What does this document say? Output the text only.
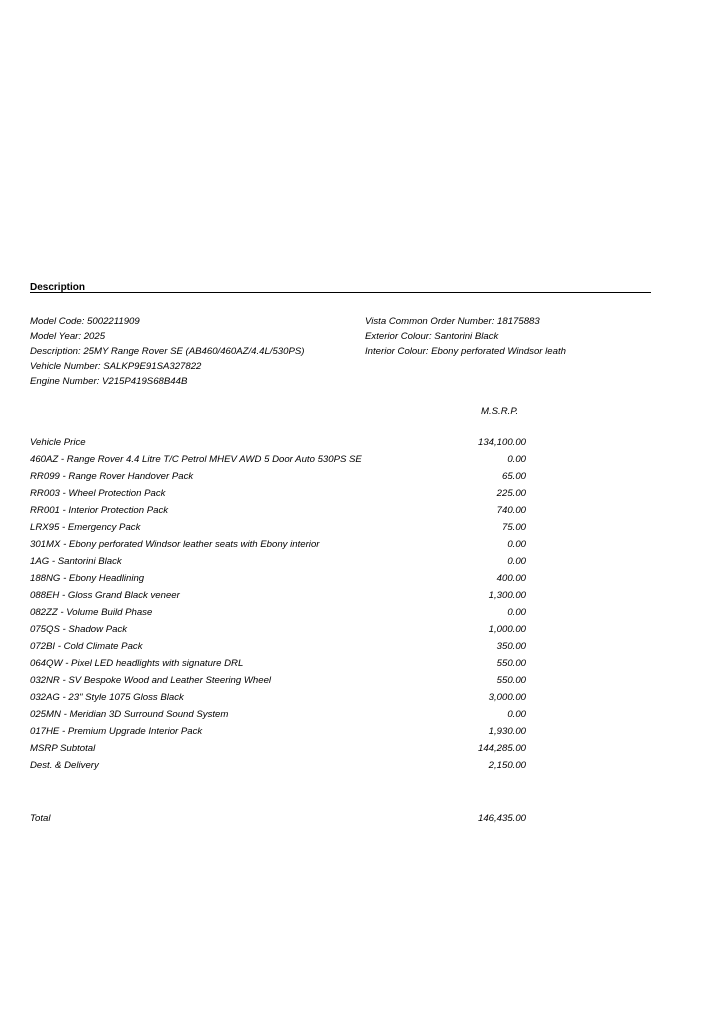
Description
Model Code: 5002211909
Model Year: 2025
Description: 25MY Range Rover SE (AB460/460AZ/4.4L/530PS)
Vehicle Number: SALKP9E91SA327822
Engine Number: V215P419S68B44B
Vista Common Order Number: 18175883
Exterior Colour: Santorini Black
Interior Colour: Ebony perforated Windsor leath
M.S.R.P.
Vehicle Price	134,100.00
460AZ - Range Rover 4.4 Litre T/C Petrol MHEV AWD 5 Door Auto 530PS SE	0.00
RR099 - Range Rover Handover Pack	65.00
RR003 - Wheel Protection Pack	225.00
RR001 - Interior Protection Pack	740.00
LRX95 - Emergency Pack	75.00
301MX - Ebony perforated Windsor leather seats with Ebony interior	0.00
1AG - Santorini Black	0.00
188NG - Ebony Headlining	400.00
088EH - Gloss Grand Black veneer	1,300.00
082ZZ - Volume Build Phase	0.00
075QS - Shadow Pack	1,000.00
072BI - Cold Climate Pack	350.00
064QW - Pixel LED headlights with signature DRL	550.00
032NR - SV Bespoke Wood and Leather Steering Wheel	550.00
032AG - 23" Style 1075 Gloss Black	3,000.00
025MN - Meridian 3D Surround Sound System	0.00
017HE - Premium Upgrade Interior Pack	1,930.00
MSRP Subtotal	144,285.00
Dest. & Delivery	2,150.00
Total	146,435.00
